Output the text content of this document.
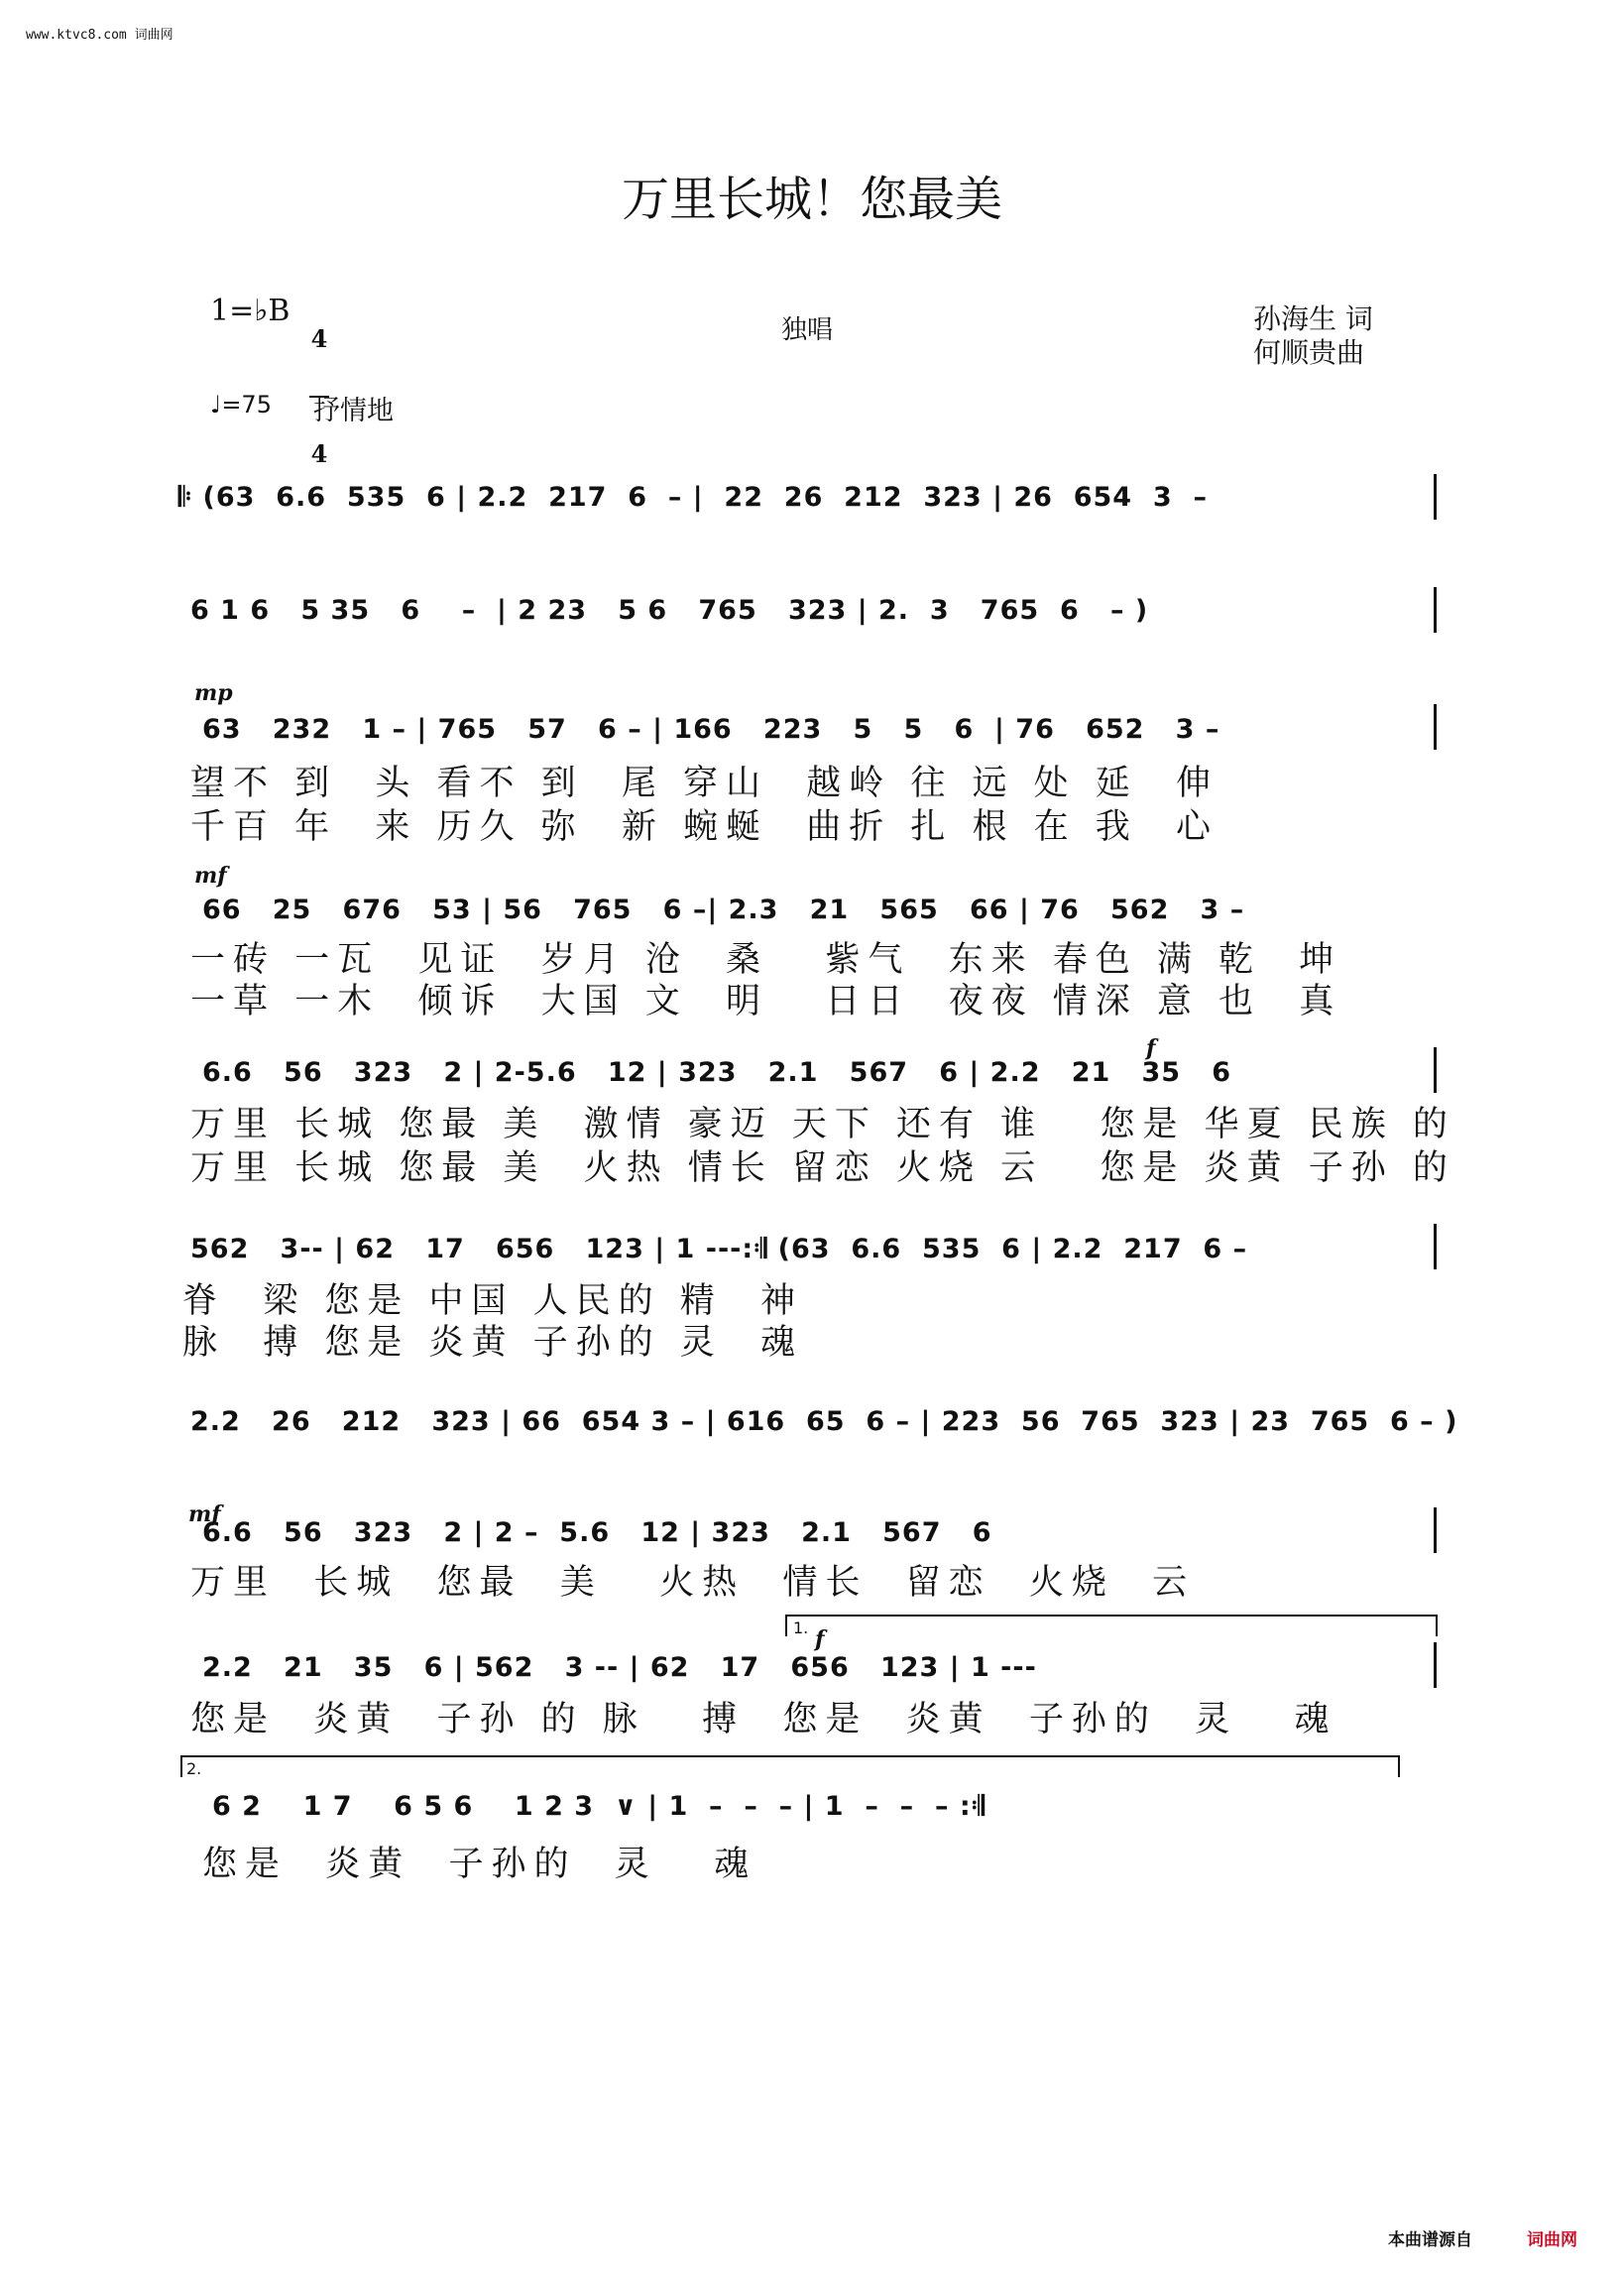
www.ktvc8.com 词曲网
万里长城！您最美
1=♭B

4

4

独唱	孙海生 词
何顺贵曲
♩=75 抒情地
𝄆 (63  6.6  535  6 | 2.2  217  6  – |  22  26  212  323 | 26  654  3  –
6 1 6   5 35   6    –  | 2 23   5 6   765   323 | 2.  3   765  6   – )
mp
63   232   1 – | 765   57   6 – | 166   223   5   5   6  | 76   652   3 –
望不 到  头 看不 到  尾 穿山  越岭 往 远 处 延  伸
千百 年  来 历久 弥  新 蜿蜒  曲折 扎 根 在 我  心
mf
66   25   676   53 | 56   765   6 –| 2.3   21   565   66 | 76   562   3 –
一砖 一瓦  见证  岁月 沧  桑   紫气  东来 春色 满 乾  坤
一草 一木  倾诉  大国 文  明   日日  夜夜 情深 意 也  真
f
6.6   56   323   2 | 2-5.6   12 | 323   2.1   567   6 | 2.2   21   35   6
万里 长城 您最 美  激情 豪迈 天下 还有 谁   您是 华夏 民族 的
万里 长城 您最 美  火热 情长 留恋 火烧 云   您是 炎黄 子孙 的
562   3-- | 62   17   656   123 | 1 ---:𝄇 (63  6.6  535  6 | 2.2  217  6 –
脊  梁 您是 中国 人民的 精  神
脉  搏 您是 炎黄 子孙的 灵  魂
2.2   26   212   323 | 66  654 3 – | 616  65  6 – | 223  56  765  323 | 23  765  6 – )
mf
6.6   56   323   2 | 2 –  5.6   12 | 323   2.1   567   6
万里  长城  您最  美   火热  情长  留恋  火烧  云
1. f
2.2   21   35   6 | 562   3 -- | 62   17   656   123 | 1 ---
您是  炎黄  子孙 的 脉   搏  您是  炎黄  子孙的  灵   魂
2.
6 2    1 7    6 5 6    1 2 3  ∨ | 1  –  –  – | 1  –  –  – :𝄇
您是  炎黄  子孙的  灵   魂
本曲谱源自	词曲网
